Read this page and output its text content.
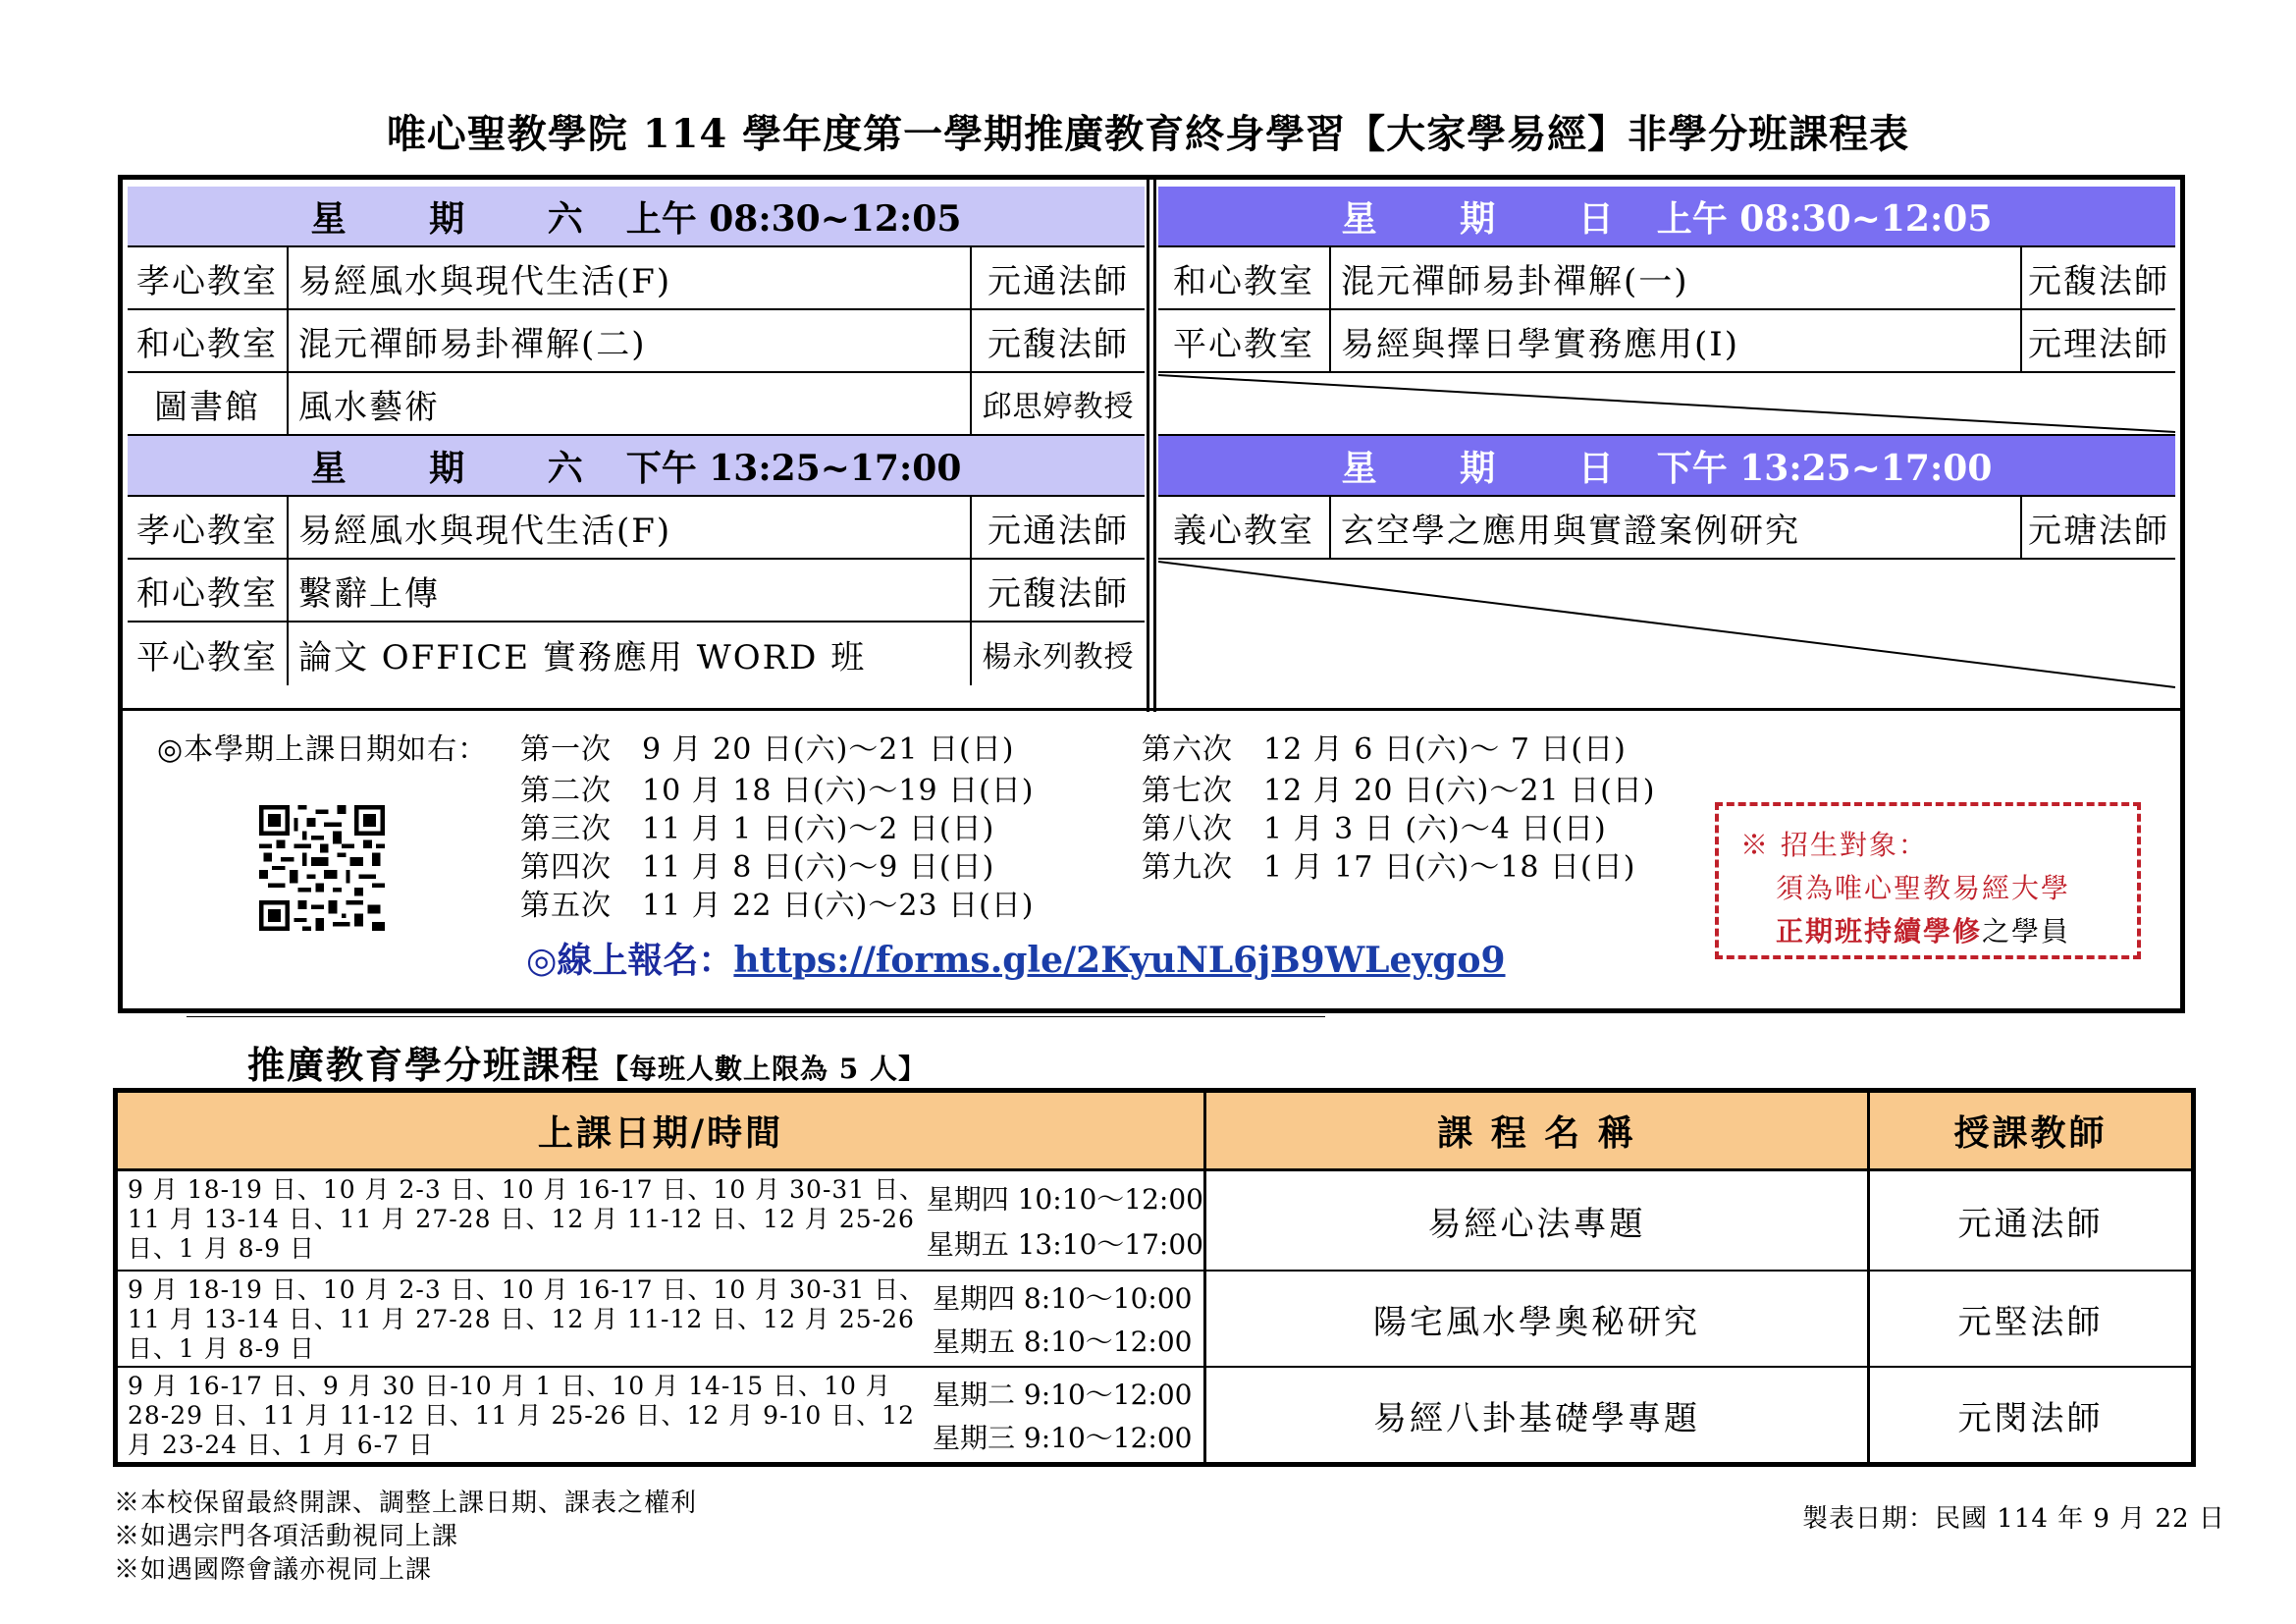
唯心聖教學院 114 學年度第一學期推廣教育終身學習【大家學易經】非學分班課程表
星 期 六 上午 08:30~12:05
孝心教室 易經風水與現代生活(F)	元通法師
和心教室 混元禪師易卦禪解(二)	元馥法師
圖書館	風水藝術	邱思婷教授
星 期 六 下午 13:25~17:00
孝心教室 易經風水與現代生活(F)	元通法師
和心教室 繫辭上傳	元馥法師
平心教室 論文 OFFICE 實務應用 WORD 班	楊永列教授
星 期 日 上午 08:30~12:05
和心教室 混元禪師易卦禪解(一)	元馥法師
平心教室 易經與擇日學實務應用(I)	元理法師
星 期 日 下午 13:25~17:00
義心教室 玄空學之應用與實證案例研究	元瑭法師
◎本學期上課日期如右： 第一次　9 月 20 日(六)～21 日(日)
第二次　10 月 18 日(六)～19 日(日)
第三次　11 月 1 日(六)～2 日(日)
第四次　11 月 8 日(六)～9 日(日)
第五次　11 月 22 日(六)～23 日(日)
第六次　12 月 6 日(六)～ 7 日(日)
第七次　12 月 20 日(六)～21 日(日)
第八次　1 月 3 日 (六)～4 日(日)
第九次　1 月 17 日(六)～18 日(日)
◎線上報名：https://forms.gle/2KyuNL6jB9WLeygo9
※ 招生對象：
須為唯心聖教易經大學
正期班持續學修之學員
推廣教育學分班課程【每班人數上限為 5 人】
上課日期/時間	課 程 名 稱	授課教師
9 月 18-19 日、10 月 2-3 日、10 月 16-17 日、10 月 30-31 日、11 月 13-14 日、11 月 27-28 日、12 月 11-12 日、12 月 25-26 日、1 月 8-9 日
星期四 10:10～12:00
星期五 13:10～17:00
易經心法專題	元通法師
9 月 18-19 日、10 月 2-3 日、10 月 16-17 日、10 月 30-31 日、11 月 13-14 日、11 月 27-28 日、12 月 11-12 日、12 月 25-26 日、1 月 8-9 日
星期四 8:10～10:00
星期五 8:10～12:00	陽宅風水學奧秘研究	元堅法師
9 月 16-17 日、9 月 30 日-10 月 1 日、10 月 14-15 日、10 月 28-29 日、11 月 11-12 日、11 月 25-26 日、12 月 9-10 日、12 月 23-24 日、1 月 6-7 日
星期二 9:10～12:00
星期三 9:10～12:00	易經八卦基礎學專題	元閔法師
※本校保留最終開課、調整上課日期、課表之權利
※如遇宗門各項活動視同上課
※如遇國際會議亦視同上課
製表日期：民國 114 年 9 月 22 日
